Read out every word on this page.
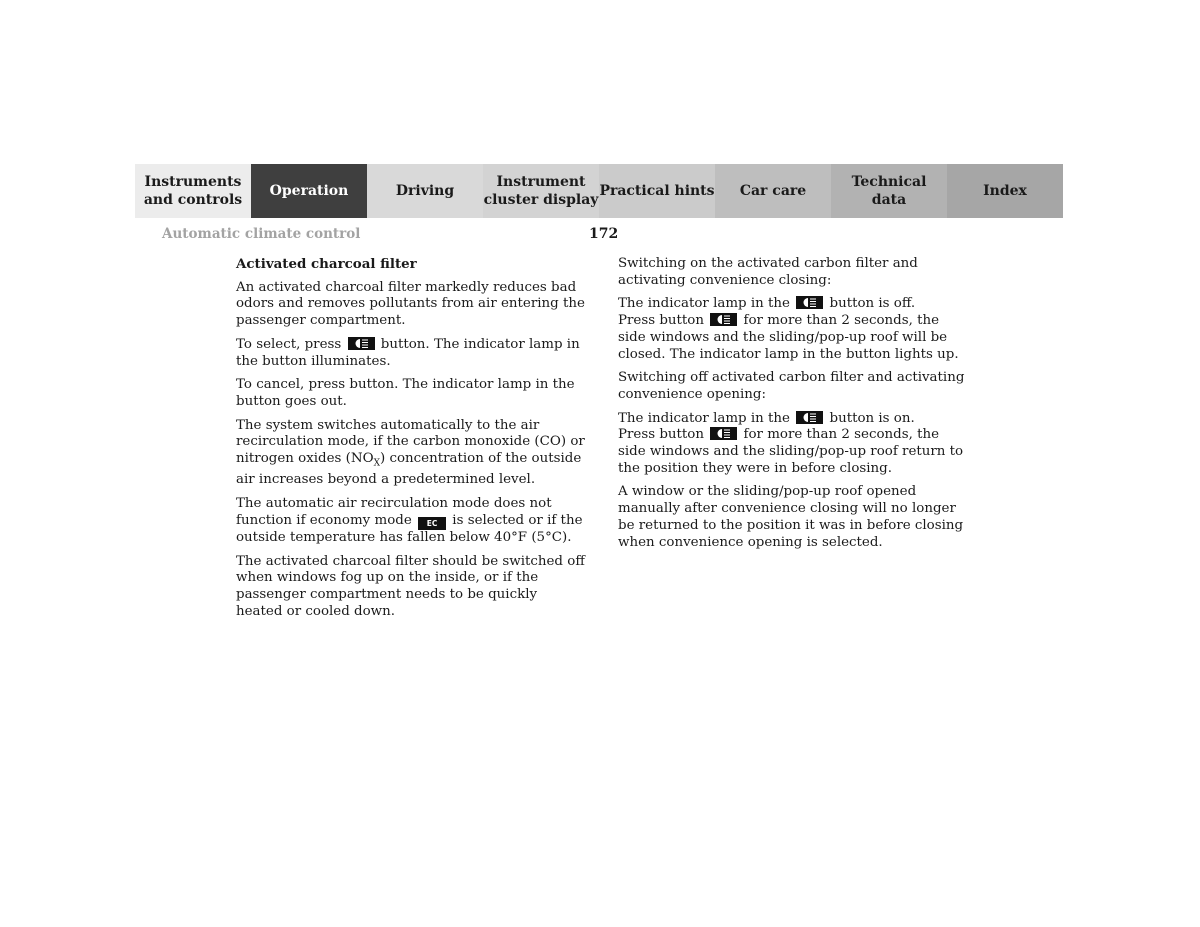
Instruments
and controls
Operation	Driving
Instrument
cluster display
Practical hints Car care
Technical
data
Index
Automatic climate control	172
Activated charcoal filter

An activated charcoal filter markedly reduces bad odors and removes pollutants from air entering the passenger compartment.

To select, press	button. The indicator lamp in the button illuminates.

To cancel, press button. The indicator lamp in the button goes out.

The system switches automatically to the air recirculation mode, if the carbon monoxide (CO) or nitrogen oxides $(NO_X)$ concentration of the outside air increases beyond a predetermined level.

The automatic air recirculation mode does not function if economy mode EC is selected or if the outside temperature has fallen below 40°F (5°C).

The activated charcoal filter should be switched off when windows fog up on the inside, or if the passenger compartment needs to be quickly heated or cooled down.

Switching on the activated carbon filter and activating convenience closing:

The indicator lamp in the	button is off.
Press button	for more than 2 seconds, the side windows and the sliding/pop-up roof will be closed. The indicator lamp in the button lights up.

Switching off activated carbon filter and activating convenience opening:

The indicator lamp in the	button is on.
Press button	for more than 2 seconds, the side windows and the sliding/pop-up roof return to the position they were in before closing.

A window or the sliding/pop-up roof opened manually after convenience closing will no longer be returned to the position it was in before closing when convenience opening is selected.
